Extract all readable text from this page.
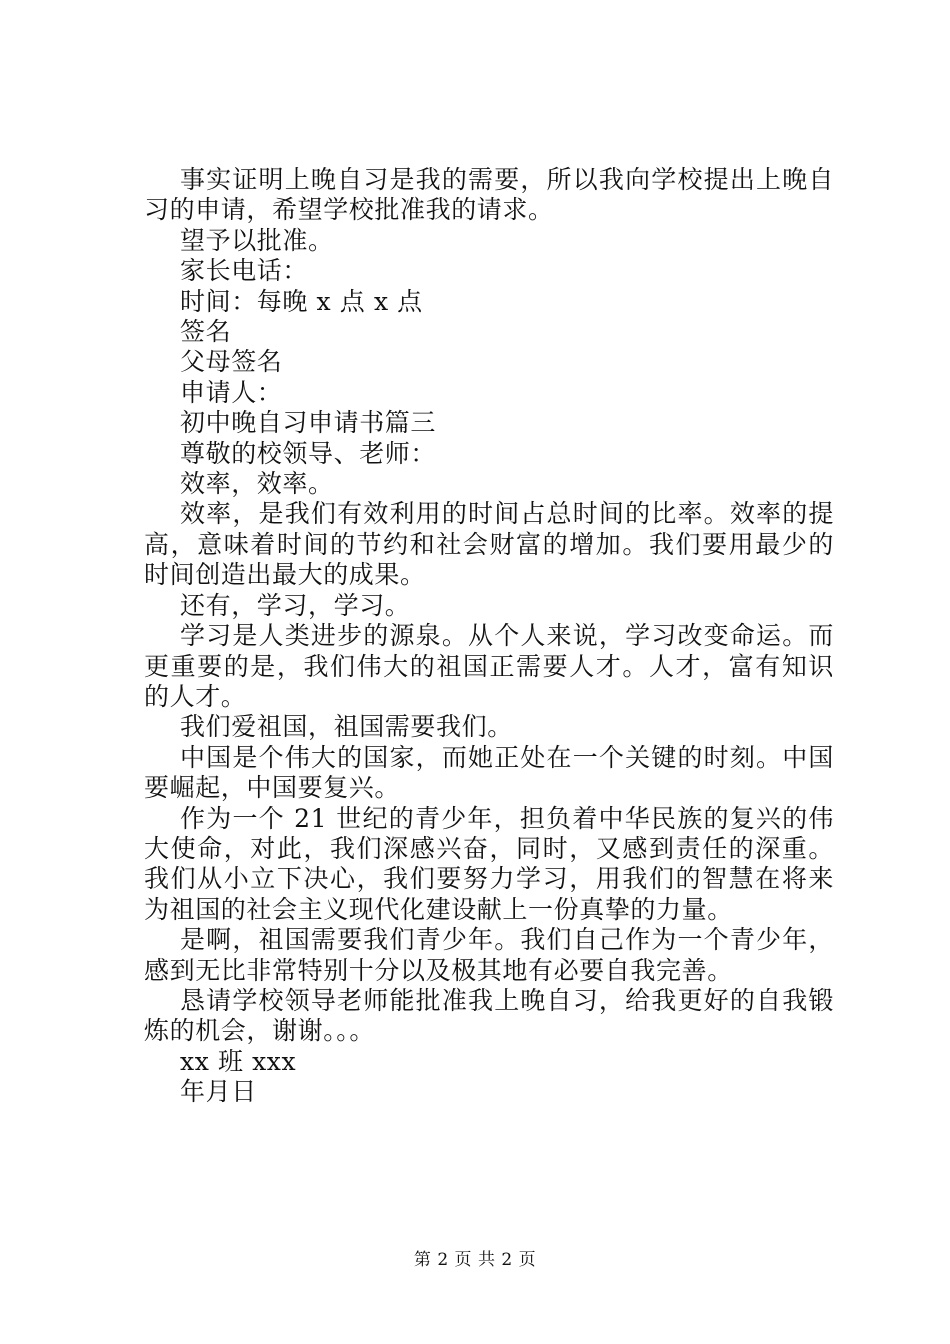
事实证明上晚自习是我的需要，所以我向学校提出上晚自习的申请，希望学校批准我的请求。

望予以批准。

家长电话：

时间：每晚 x 点 x 点

签名

父母签名

申请人：

初中晚自习申请书篇三

尊敬的校领导、老师：

效率，效率。

效率，是我们有效利用的时间占总时间的比率。效率的提高，意味着时间的节约和社会财富的增加。我们要用最少的时间创造出最大的成果。

还有，学习，学习。

学习是人类进步的源泉。从个人来说，学习改变命运。而更重要的是，我们伟大的祖国正需要人才。人才，富有知识的人才。

我们爱祖国，祖国需要我们。

中国是个伟大的国家，而她正处在一个关键的时刻。中国要崛起，中国要复兴。

作为一个 21 世纪的青少年，担负着中华民族的复兴的伟大使命，对此，我们深感兴奋，同时，又感到责任的深重。我们从小立下决心，我们要努力学习，用我们的智慧在将来为祖国的社会主义现代化建设献上一份真挚的力量。

是啊，祖国需要我们青少年。我们自己作为一个青少年，感到无比非常特别十分以及极其地有必要自我完善。

恳请学校领导老师能批准我上晚自习，给我更好的自我锻炼的机会，谢谢。。。

xx 班 xxx

年月日

第 2 页 共 2 页
